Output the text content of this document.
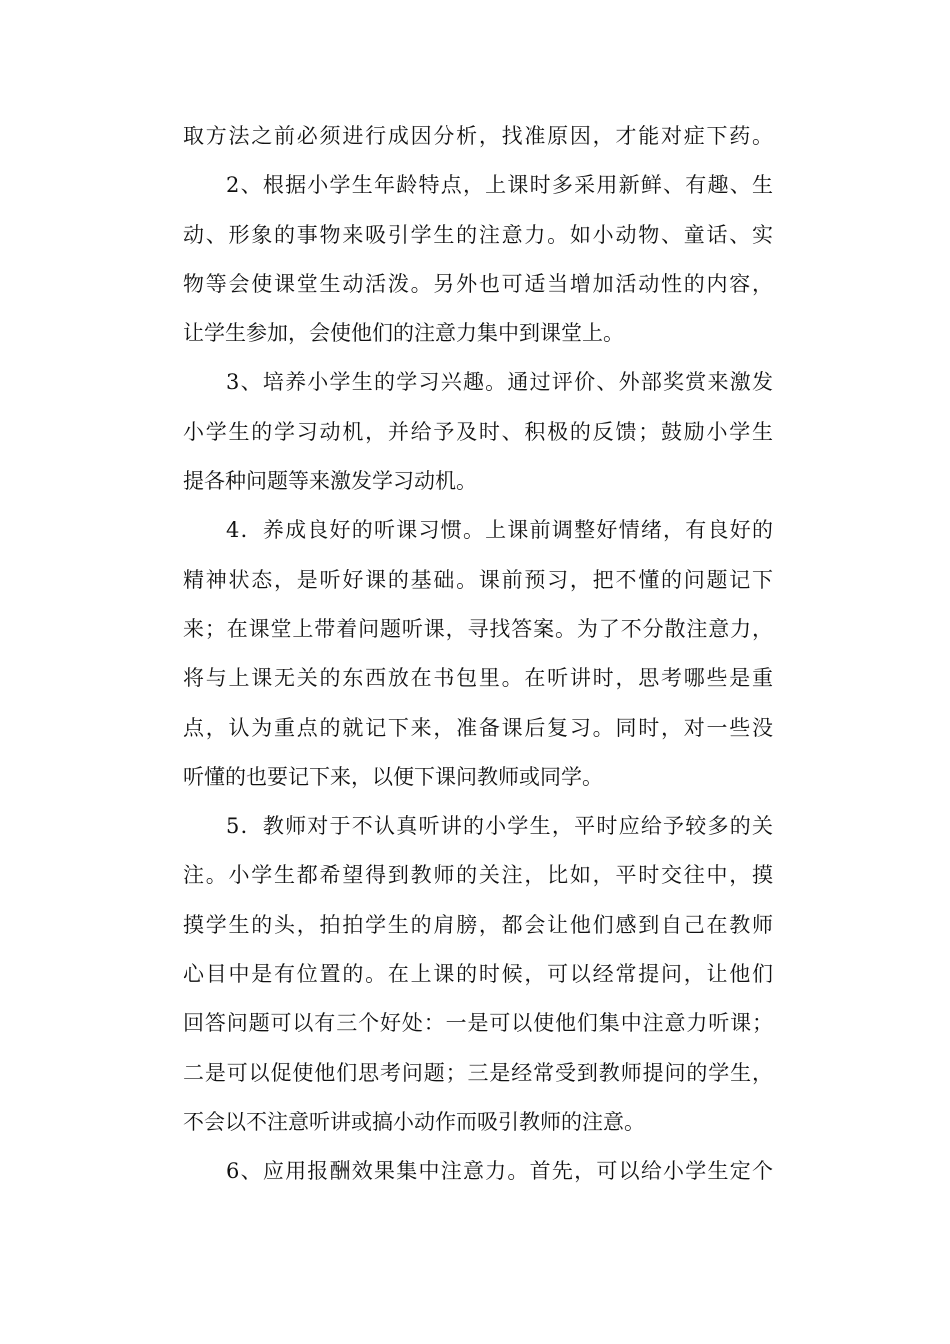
取方法之前必须进行成因分析，找准原因，才能对症下药。
2、根据小学生年龄特点，上课时多采用新鲜、有趣、生
动、形象的事物来吸引学生的注意力。如小动物、童话、实
物等会使课堂生动活泼。另外也可适当增加活动性的内容，
让学生参加，会使他们的注意力集中到课堂上。
3、培养小学生的学习兴趣。通过评价、外部奖赏来激发
小学生的学习动机，并给予及时、积极的反馈；鼓励小学生
提各种问题等来激发学习动机。
4．养成良好的听课习惯。上课前调整好情绪，有良好的
精神状态，是听好课的基础。课前预习，把不懂的问题记下
来；在课堂上带着问题听课，寻找答案。为了不分散注意力，
将与上课无关的东西放在书包里。在听讲时，思考哪些是重
点，认为重点的就记下来，准备课后复习。同时，对一些没
听懂的也要记下来，以便下课问教师或同学。
5．教师对于不认真听讲的小学生，平时应给予较多的关
注。小学生都希望得到教师的关注，比如，平时交往中，摸
摸学生的头，拍拍学生的肩膀，都会让他们感到自己在教师
心目中是有位置的。在上课的时候，可以经常提问，让他们
回答问题可以有三个好处：一是可以使他们集中注意力听课；
二是可以促使他们思考问题；三是经常受到教师提问的学生，
不会以不注意听讲或搞小动作而吸引教师的注意。
6、应用报酬效果集中注意力。首先，可以给小学生定个
